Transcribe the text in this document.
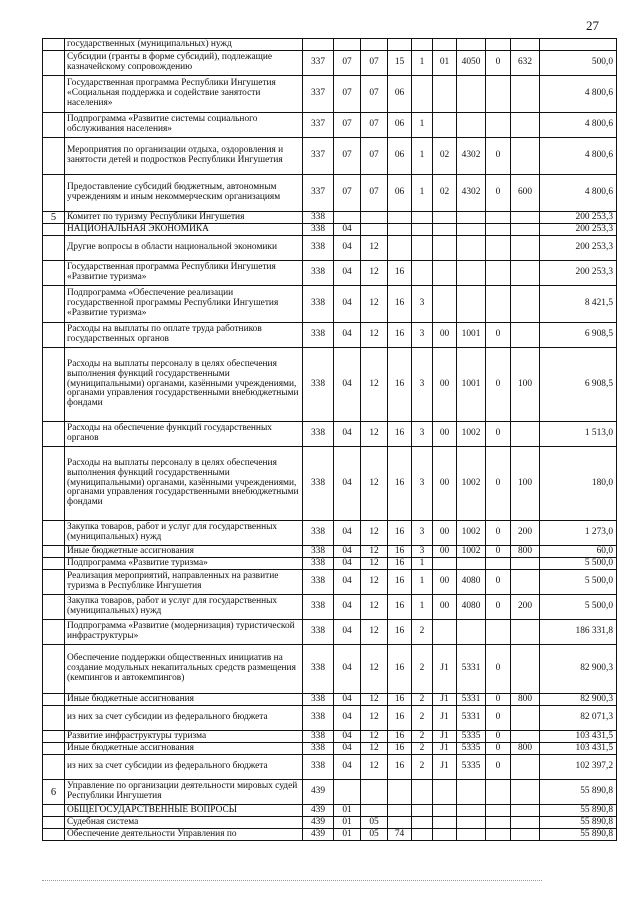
27
	государственных (муниципальных) нужд										
	Субсидии (гранты в форме субсидий), подлежащие казначейскому сопровождению	337	07	07	15	1	01	4050	0	632	500,0
	Государственная программа Республики Ингушетия «Социальная поддержка и содействие занятости населения»	337	07	07	06						4 800,6
	Подпрограмма «Развитие системы социального обслуживания населения»	337	07	07	06	1					4 800,6
	Мероприятия по организации отдыха, оздоровления и занятости детей и подростков Республики Ингушетия	337	07	07	06	1	02	4302	0		4 800,6
	Предоставление субсидий бюджетным, автономным учреждениям и иным некоммерческим организациям	337	07	07	06	1	02	4302	0	600	4 800,6
5	Комитет по туризму Республики Ингушетия	338									200 253,3
	НАЦИОНАЛЬНАЯ ЭКОНОМИКА	338	04								200 253,3
	Другие вопросы в области национальной экономики	338	04	12							200 253,3
	Государственная программа Республики Ингушетия «Развитие туризма»	338	04	12	16						200 253,3
	Подпрограмма «Обеспечение реализации государственной программы Республики Ингушетия «Развитие туризма»	338	04	12	16	3					8 421,5
	Расходы на выплаты по оплате труда работников государственных органов	338	04	12	16	3	00	1001	0		6 908,5
	Расходы на выплаты персоналу в целях обеспечения выполнения функций государственными (муниципальными) органами, казёнными учреждениями, органами управления государственными внебюджетными фондами	338	04	12	16	3	00	1001	0	100	6 908,5
	Расходы на обеспечение функций государственных органов	338	04	12	16	3	00	1002	0		1 513,0
	Расходы на выплаты персоналу в целях обеспечения выполнения функций государственными (муниципальными) органами, казёнными учреждениями, органами управления государственными внебюджетными фондами	338	04	12	16	3	00	1002	0	100	180,0
	Закупка товаров, работ и услуг для государственных (муниципальных) нужд	338	04	12	16	3	00	1002	0	200	1 273,0
	Иные бюджетные ассигнования	338	04	12	16	3	00	1002	0	800	60,0
	Подпрограмма «Развитие туризма»	338	04	12	16	1					5 500,0
	Реализация мероприятий, направленных на развитие туризма в Республике Ингушетия	338	04	12	16	1	00	4080	0		5 500,0
	Закупка товаров, работ и услуг для государственных (муниципальных) нужд	338	04	12	16	1	00	4080	0	200	5 500,0
	Подпрограмма «Развитие (модернизация) туристической инфраструктуры»	338	04	12	16	2					186 331,8
	Обеспечение поддержки общественных инициатив на создание модульных некапитальных средств размещения (кемпингов и автокемпингов)	338	04	12	16	2	J1	5331	0		82 900,3
	Иные бюджетные ассигнования	338	04	12	16	2	J1	5331	0	800	82 900,3
	из них за счет субсидии из федерального бюджета	338	04	12	16	2	J1	5331	0		82 071,3
	Развитие инфраструктуры туризма	338	04	12	16	2	J1	5335	0		103 431,5
	Иные бюджетные ассигнования	338	04	12	16	2	J1	5335	0	800	103 431,5
	из них за счет субсидии из федерального бюджета	338	04	12	16	2	J1	5335	0		102 397,2
6	Управление по организации деятельности мировых судей Республики Ингушетия	439									55 890,8
	ОБЩЕГОСУДАРСТВЕННЫЕ ВОПРОСЫ	439	01								55 890,8
	Судебная система	439	01	05							55 890,8
	Обеспечение деятельности Управления по	439	01	05	74						55 890,8
